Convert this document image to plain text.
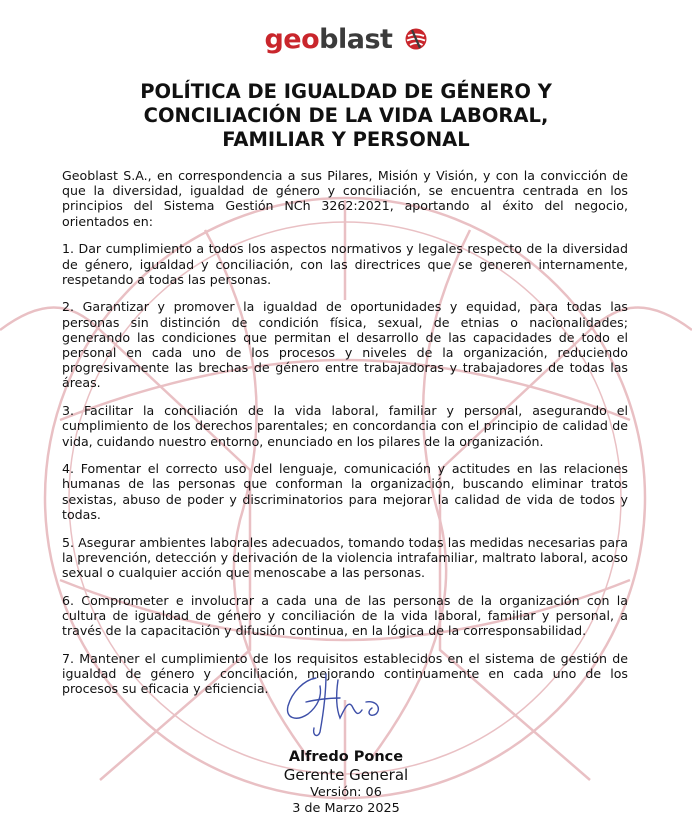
geoblast
POLÍTICA DE IGUALDAD DE GÉNERO Y
CONCILIACIÓN DE LA VIDA LABORAL,
FAMILIAR Y PERSONAL

Geoblast S.A., en correspondencia a sus Pilares, Misión y Visión, y con la convicción de que la diversidad, igualdad de género y conciliación, se encuentra centrada en los principios del Sistema Gestión NCh 3262:2021, aportando al éxito del negocio, orientados en:

1. Dar cumplimiento a todos los aspectos normativos y legales respecto de la diversidad de género, igualdad y conciliación, con las directrices que se generen internamente, respetando a todas las personas.

2. Garantizar y promover la igualdad de oportunidades y equidad, para todas las personas sin distinción de condición física, sexual, de etnias o nacionalidades; generando las condiciones que permitan el desarrollo de las capacidades de todo el personal en cada uno de los procesos y niveles de la organización, reduciendo progresivamente las brechas de género entre trabajadoras y trabajadores de todas las áreas.

3. Facilitar la conciliación de la vida laboral, familiar y personal, asegurando el cumplimiento de los derechos parentales; en concordancia con el principio de calidad de vida, cuidando nuestro entorno, enunciado en los pilares de la organización.

4. Fomentar el correcto uso del lenguaje, comunicación y actitudes en las relaciones humanas de las personas que conforman la organización, buscando eliminar tratos sexistas, abuso de poder y discriminatorios para mejorar la calidad de vida de todos y todas.

5. Asegurar ambientes laborales adecuados, tomando todas las medidas necesarias para la prevención, detección y derivación de la violencia intrafamiliar, maltrato laboral, acoso sexual o cualquier acción que menoscabe a las personas.

6. Comprometer e involucrar a cada una de las personas de la organización con la cultura de igualdad de género y conciliación de la vida laboral, familiar y personal, a través de la capacitación y difusión continua, en la lógica de la corresponsabilidad.

7. Mantener el cumplimiento de los requisitos establecidos en el sistema de gestión de igualdad de género y conciliación, mejorando continuamente en cada uno de los procesos su eficacia y eficiencia.

Alfredo Ponce
Gerente General
Versión: 06
3 de Marzo 2025
